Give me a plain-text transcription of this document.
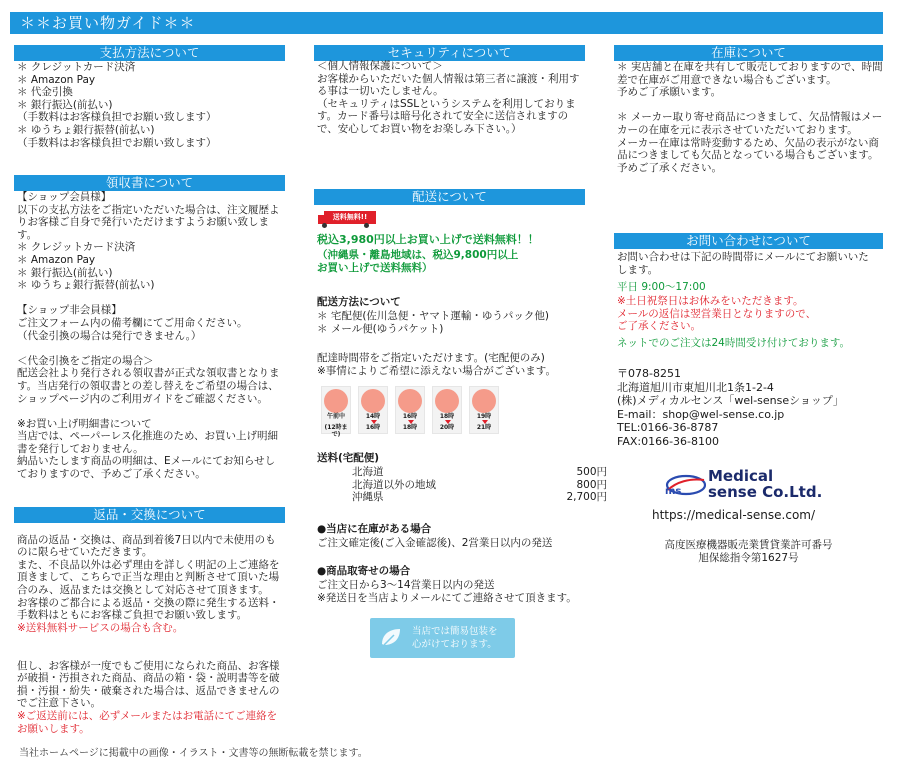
＊＊お買い物ガイド＊＊
支払方法について
＊ クレジットカード決済
＊ Amazon Pay
＊ 代金引換
＊ 銀行振込(前払い)
（手数料はお客様負担でお願い致します）
＊ ゆうちょ銀行振替(前払い)
（手数料はお客様負担でお願い致します）
領収書について
【ショップ会員様】
以下の支払方法をご指定いただいた場合は、注文履歴よりお客様ご自身で発行いただけますようお願い致します。
＊ クレジットカード決済
＊ Amazon Pay
＊ 銀行振込(前払い)
＊ ゆうちょ銀行振替(前払い)

【ショップ非会員様】
ご注文フォーム内の備考欄にてご用命ください。
（代金引換の場合は発行できません。）

＜代金引換をご指定の場合＞
配送会社より発行される領収書が正式な領収書となります。当店発行の領収書との差し替えをご希望の場合は、ショップページ内のご利用ガイドをご確認ください。

※お買い上げ明細書について
当店では、ペーパーレス化推進のため、お買い上げ明細書を発行しておりません。
納品いたします商品の明細は、Eメールにてお知らせしておりますので、予めご了承ください。
返品・交換について

商品の返品・交換は、商品到着後7日以内で未使用のものに限らせていただきます。
また、不良品以外は必ず理由を詳しく明記の上ご連絡を頂きまして、こちらで正当な理由と判断させて頂いた場合のみ、返品または交換として対応させて頂きます。
お客様のご都合による返品・交換の際に発生する送料・手数料はともにお客様ご負担でお願い致します。
※送料無料サービスの場合も含む。

但し、お客様が一度でもご使用になられた商品、お客様が破損・汚損された商品、商品の箱・袋・説明書等を破損・汚損・紛失・破棄された場合は、返品できませんのでご注意下さい。
※ご返送前には、必ずメールまたはお電話にてご連絡をお願いします。

セキュリティについて
＜個人情報保護について＞
お客様からいただいた個人情報は第三者に譲渡・利用する事は一切いたしません。
（セキュリティはSSLというシステムを利用しております。カード番号は暗号化されて安全に送信されますので、安心してお買い物をお楽しみ下さい。）
配送について
送料無料!!
税込3,980円以上お買い上げで送料無料！！
（沖縄県・離島地域は、税込9,800円以上
お買い上げで送料無料）
配送方法について
＊ 宅配便(佐川急便・ヤマト運輸・ゆうパック他)
＊ メール便(ゆうパケット)
配達時間帯をご指定いただけます。(宅配便のみ)
※事情によりご希望に添えない場合がございます。
午前中
(12時まで)
14時
16時
16時
18時
18時
20時
19時
21時
送料(宅配便)
北海道	500円
北海道以外の地域	800円
沖縄県	2,700円
●当店に在庫がある場合
ご注文確定後(ご入金確認後)、2営業日以内の発送
●商品取寄せの場合
ご注文日から3～14営業日以内の発送
※発送日を当店よりメールにてご連絡させて頂きます。
当店では簡易包装を
心がけております。
在庫について
＊ 実店舗と在庫を共有して販売しておりますので、時間差で在庫がご用意できない場合もございます。
予めご了承願います。

＊ メーカー取り寄せ商品につきまして、欠品情報はメーカーの在庫を元に表示させていただいております。
メーカー在庫は常時変動するため、欠品の表示がない商品につきましても欠品となっている場合もございます。
予めご了承ください。
お問い合わせについて
お問い合わせは下記の時間帯にメールにてお願いいたします。
平日 9:00～17:00
※土日祝祭日はお休みをいただきます。
メールの返信は翌営業日となりますので、
ご了承ください。
ネットでのご注文は24時間受け付けております。
〒078-8251
北海道旭川市東旭川北1条1-2-4
(株)メディカルセンス「wel-senseショップ」
E-mail：shop@wel-sense.co.jp
TEL:0166-36-8787
FAX:0166-36-8100
ms
Medical
sense Co.Ltd.
https://medical-sense.com/
高度医療機器販売業賃貸業許可番号
旭保総指令第1627号
当社ホームページに掲載中の画像・イラスト・文書等の無断転載を禁じます。
